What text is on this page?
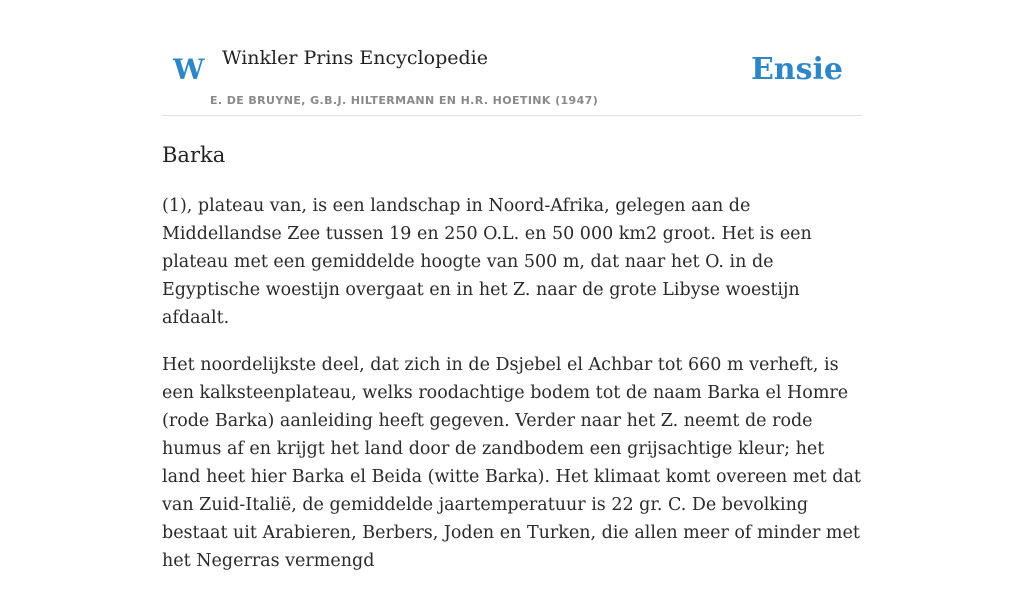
W Winkler Prins Encyclopedie
E. DE BRUYNE, G.B.J. HILTERMANN EN H.R. HOETINK (1947)
Ensie
Barka

(1), plateau van, is een landschap in Noord-Afrika, gelegen aan de Middellandse Zee tussen 19 en 250 O.L. en 50 000 km2 groot. Het is een plateau met een gemiddelde hoogte van 500 m, dat naar het O. in de Egyptische woestijn overgaat en in het Z. naar de grote Libyse woestijn afdaalt.

Het noordelijkste deel, dat zich in de Dsjebel el Achbar tot 660 m verheft, is een kalksteenplateau, welks roodachtige bodem tot de naam Barka el Homre (rode Barka) aanleiding heeft gegeven. Verder naar het Z. neemt de rode humus af en krijgt het land door de zandbodem een grijsachtige kleur; het land heet hier Barka el Beida (witte Barka). Het klimaat komt overeen met dat van Zuid-Italië, de gemiddelde jaartemperatuur is 22 gr. C. De bevolking bestaat uit Arabieren, Berbers, Joden en Turken, die allen meer of minder met het Negerras vermengd
